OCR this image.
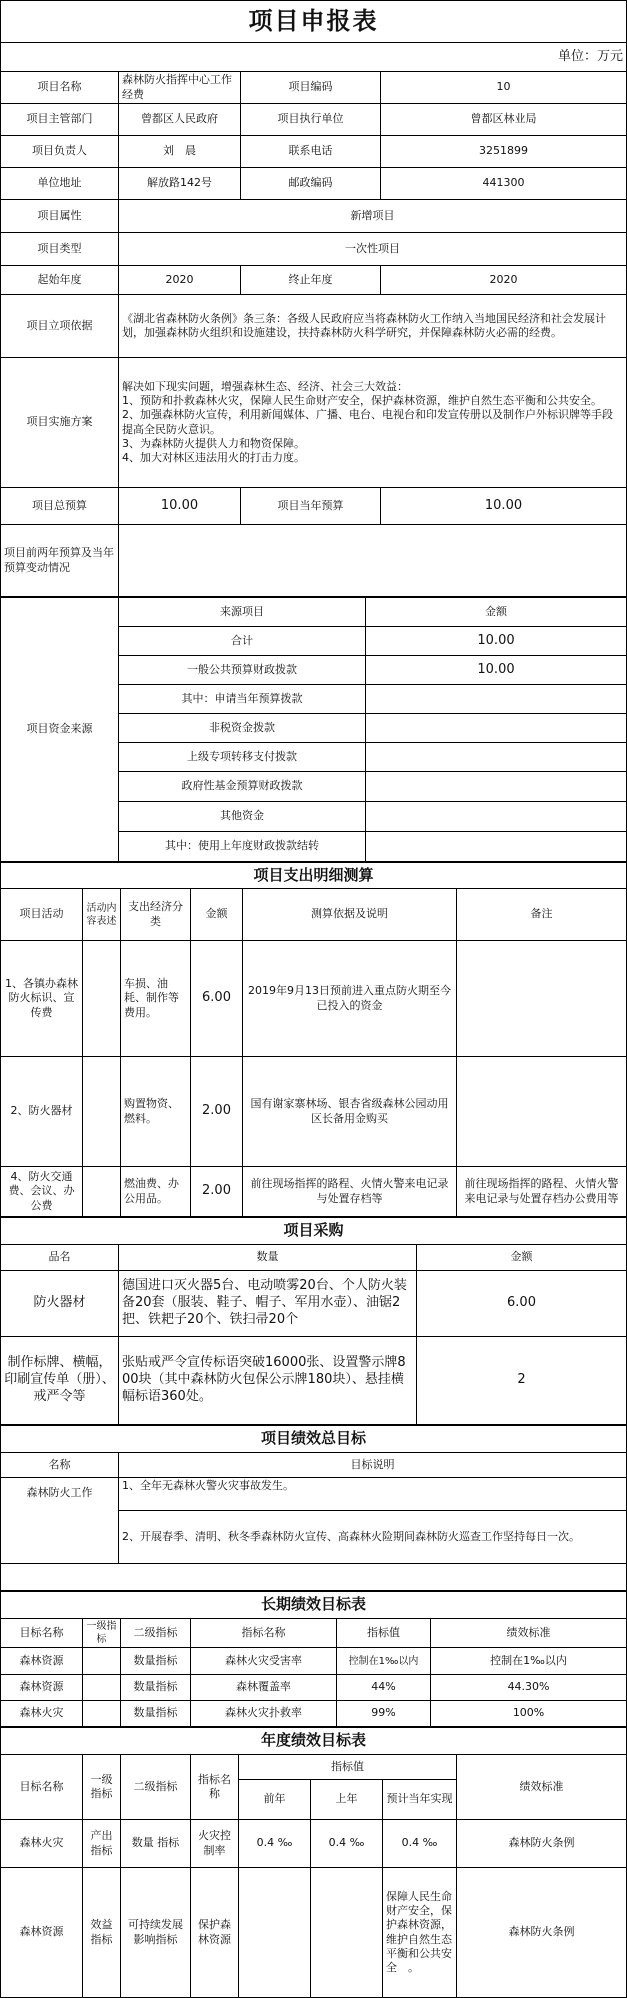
项目申报表			
单位：万元			
项目名称	森林防火指挥中心工作经费	项目编码	10
项目主管部门	曾都区人民政府	项目执行单位	曾都区林业局
项目负责人	刘　晨	联系电话	3251899
单位地址	解放路142号	邮政编码	441300
项目属性	新增项目		
项目类型	一次性项目		
起始年度	2020	终止年度	2020
项目立项依据	《湖北省森林防火条例》条三条：各级人民政府应当将森林防火工作纳入当地国民经济和社会发展计划，加强森林防火组织和设施建设，扶持森林防火科学研究，并保障森林防火必需的经费。		
项目实施方案	解决如下现实问题，增强森林生态、经济、社会三大效益：
1、预防和扑救森林火灾，保障人民生命财产安全，保护森林资源，维护自然生态平衡和公共安全。
2、加强森林防火宣传，利用新闻媒体、广播、电台、电视台和印发宣传册以及制作户外标识牌等手段提高全民防火意识。
3、为森林防火提供人力和物资保障。
4、加大对林区违法用火的打击力度。		

项目总预算	10.00	项目当年预算	10.00
项目前两年预算及当年预算变动情况			
项目资金来源	来源项目	金额
	合计	10.00
	一般公共预算财政拨款	10.00
	其中：申请当年预算拨款	
	非税资金拨款	
	上级专项转移支付拨款	
	政府性基金预算财政拨款	
	其他资金	
	其中：使用上年度财政拨款结转	
项目支出明细测算					
项目活动	活动内容表述	支出经济分类	金额	测算依据及说明	备注
1、各镇办森林防火标识、宣传费		车损、油耗、制作等费用。	6.00	2019年9月13日预前进入重点防火期至今已投入的资金	
2、防火器材		购置物资、燃料。	2.00	国有谢家寨林场、银杏省级森林公园动用区长备用金购买	
4、防火交通费、会议、办公费		燃油费、办公用品。	2.00	前往现场指挥的路程、火情火警来电记录与处置存档等	前往现场指挥的路程、火情火警来电记录与处置存档办公费用等
项目采购		
品名	数量	金额
防火器材	德国进口灭火器5台、电动喷雾20台、个人防火装备20套（服装、鞋子、帽子、军用水壶）、油锯2把、铁耙子20个、铁扫帚20个	6.00
制作标牌、横幅，印刷宣传单（册）、戒严令等	张贴戒严令宣传标语突破16000张、设置警示牌800块（其中森林防火包保公示牌180块）、悬挂横幅标语360处。	2
项目绩效总目标	
名称	目标说明
森林防火工作	1、全年无森林火警火灾事故发生。
	2、开展春季、清明、秋冬季森林防火宣传、高森林火险期间森林防火巡查工作坚持每日一次。

长期绩效目标表					
目标名称	一级指标	二级指标	指标名称	指标值	绩效标准
森林资源		数量指标	森林火灾受害率	控制在1‰以内	控制在1‰以内
森林资源		数量指标	森林覆盖率	44%	44.30%
森林火灾		数量指标	森林火灾扑救率	99%	100%
年度绩效目标表							
目标名称	一级指标	二级指标	指标名称	指标值			绩效标准
				前年	上年	预计当年实现	
森林火灾	产出指标	数量 指标	火灾控制率	0.4 ‰	0.4 ‰	0.4 ‰	森林防火条例
森林资源	效益指标	可持续发展影响指标	保护森林资源			保障人民生命财产安全，保护森林资源，维护自然生态平衡和公共安全　。	森林防火条例
